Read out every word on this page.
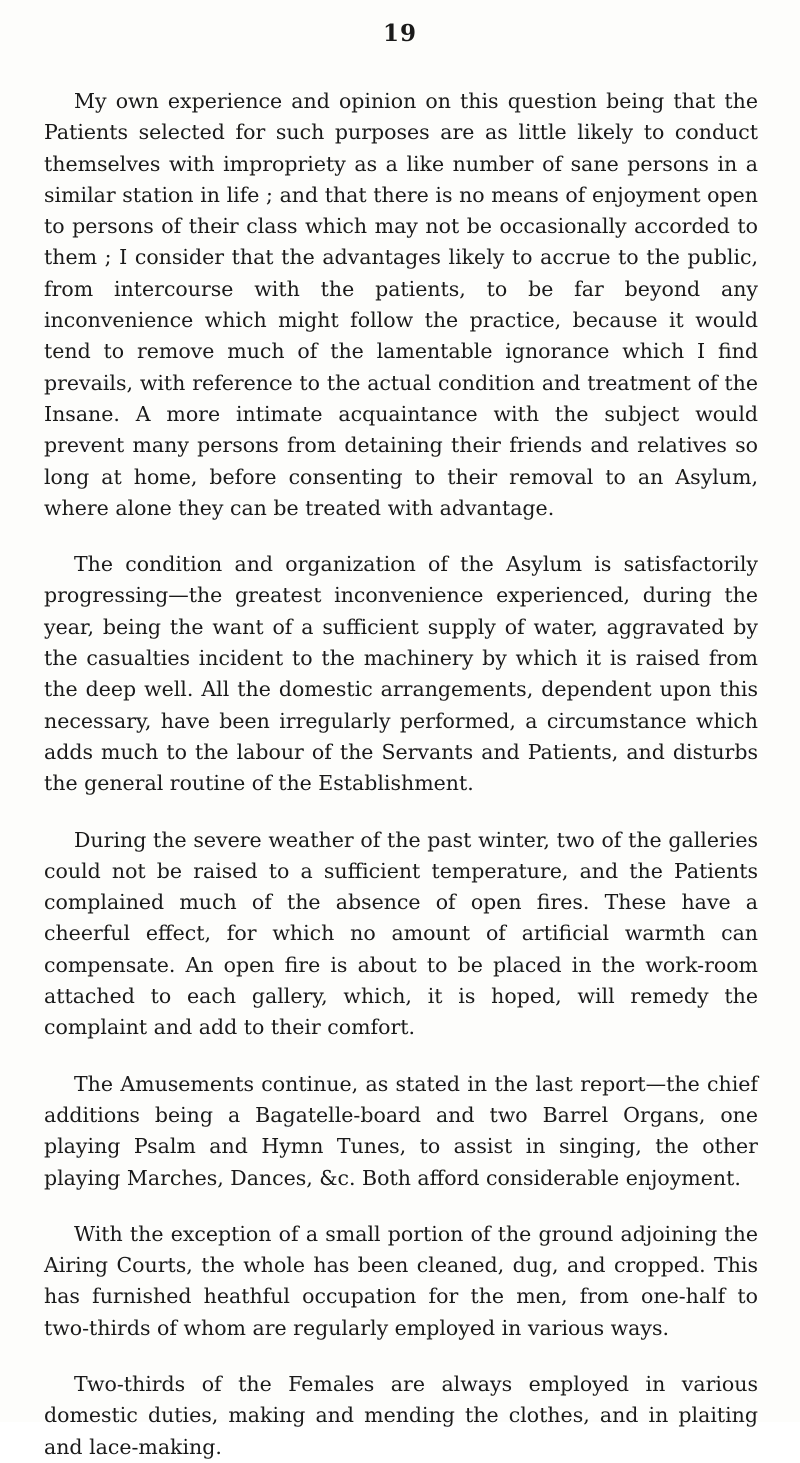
19

My own experience and opinion on this question being that the Patients selected for such purposes are as little likely to conduct themselves with impropriety as a like number of sane persons in a similar station in life ; and that there is no means of enjoyment open to persons of their class which may not be occasionally accorded to them ; I consider that the advantages likely to accrue to the public, from intercourse with the patients, to be far beyond any inconvenience which might follow the practice, because it would tend to remove much of the lamentable ignorance which I find prevails, with reference to the actual condition and treatment of the Insane. A more intimate acquaintance with the subject would prevent many persons from detaining their friends and relatives so long at home, before consenting to their removal to an Asylum, where alone they can be treated with advantage.

The condition and organization of the Asylum is satisfactorily progressing—the greatest inconvenience experienced, during the year, being the want of a sufficient supply of water, aggravated by the casualties incident to the machinery by which it is raised from the deep well. All the domestic arrangements, dependent upon this necessary, have been irregularly performed, a circumstance which adds much to the labour of the Servants and Patients, and disturbs the general routine of the Establishment.

During the severe weather of the past winter, two of the galleries could not be raised to a sufficient temperature, and the Patients complained much of the absence of open fires. These have a cheerful effect, for which no amount of artificial warmth can compensate. An open fire is about to be placed in the work-room attached to each gallery, which, it is hoped, will remedy the complaint and add to their comfort.

The Amusements continue, as stated in the last report—the chief additions being a Bagatelle-board and two Barrel Organs, one playing Psalm and Hymn Tunes, to assist in singing, the other playing Marches, Dances, &c. Both afford considerable enjoyment.

With the exception of a small portion of the ground adjoining the Airing Courts, the whole has been cleaned, dug, and cropped. This has furnished heathful occupation for the men, from one-half to two-thirds of whom are regularly employed in various ways.

Two-thirds of the Females are always employed in various domestic duties, making and mending the clothes, and in plaiting and lace-making.
